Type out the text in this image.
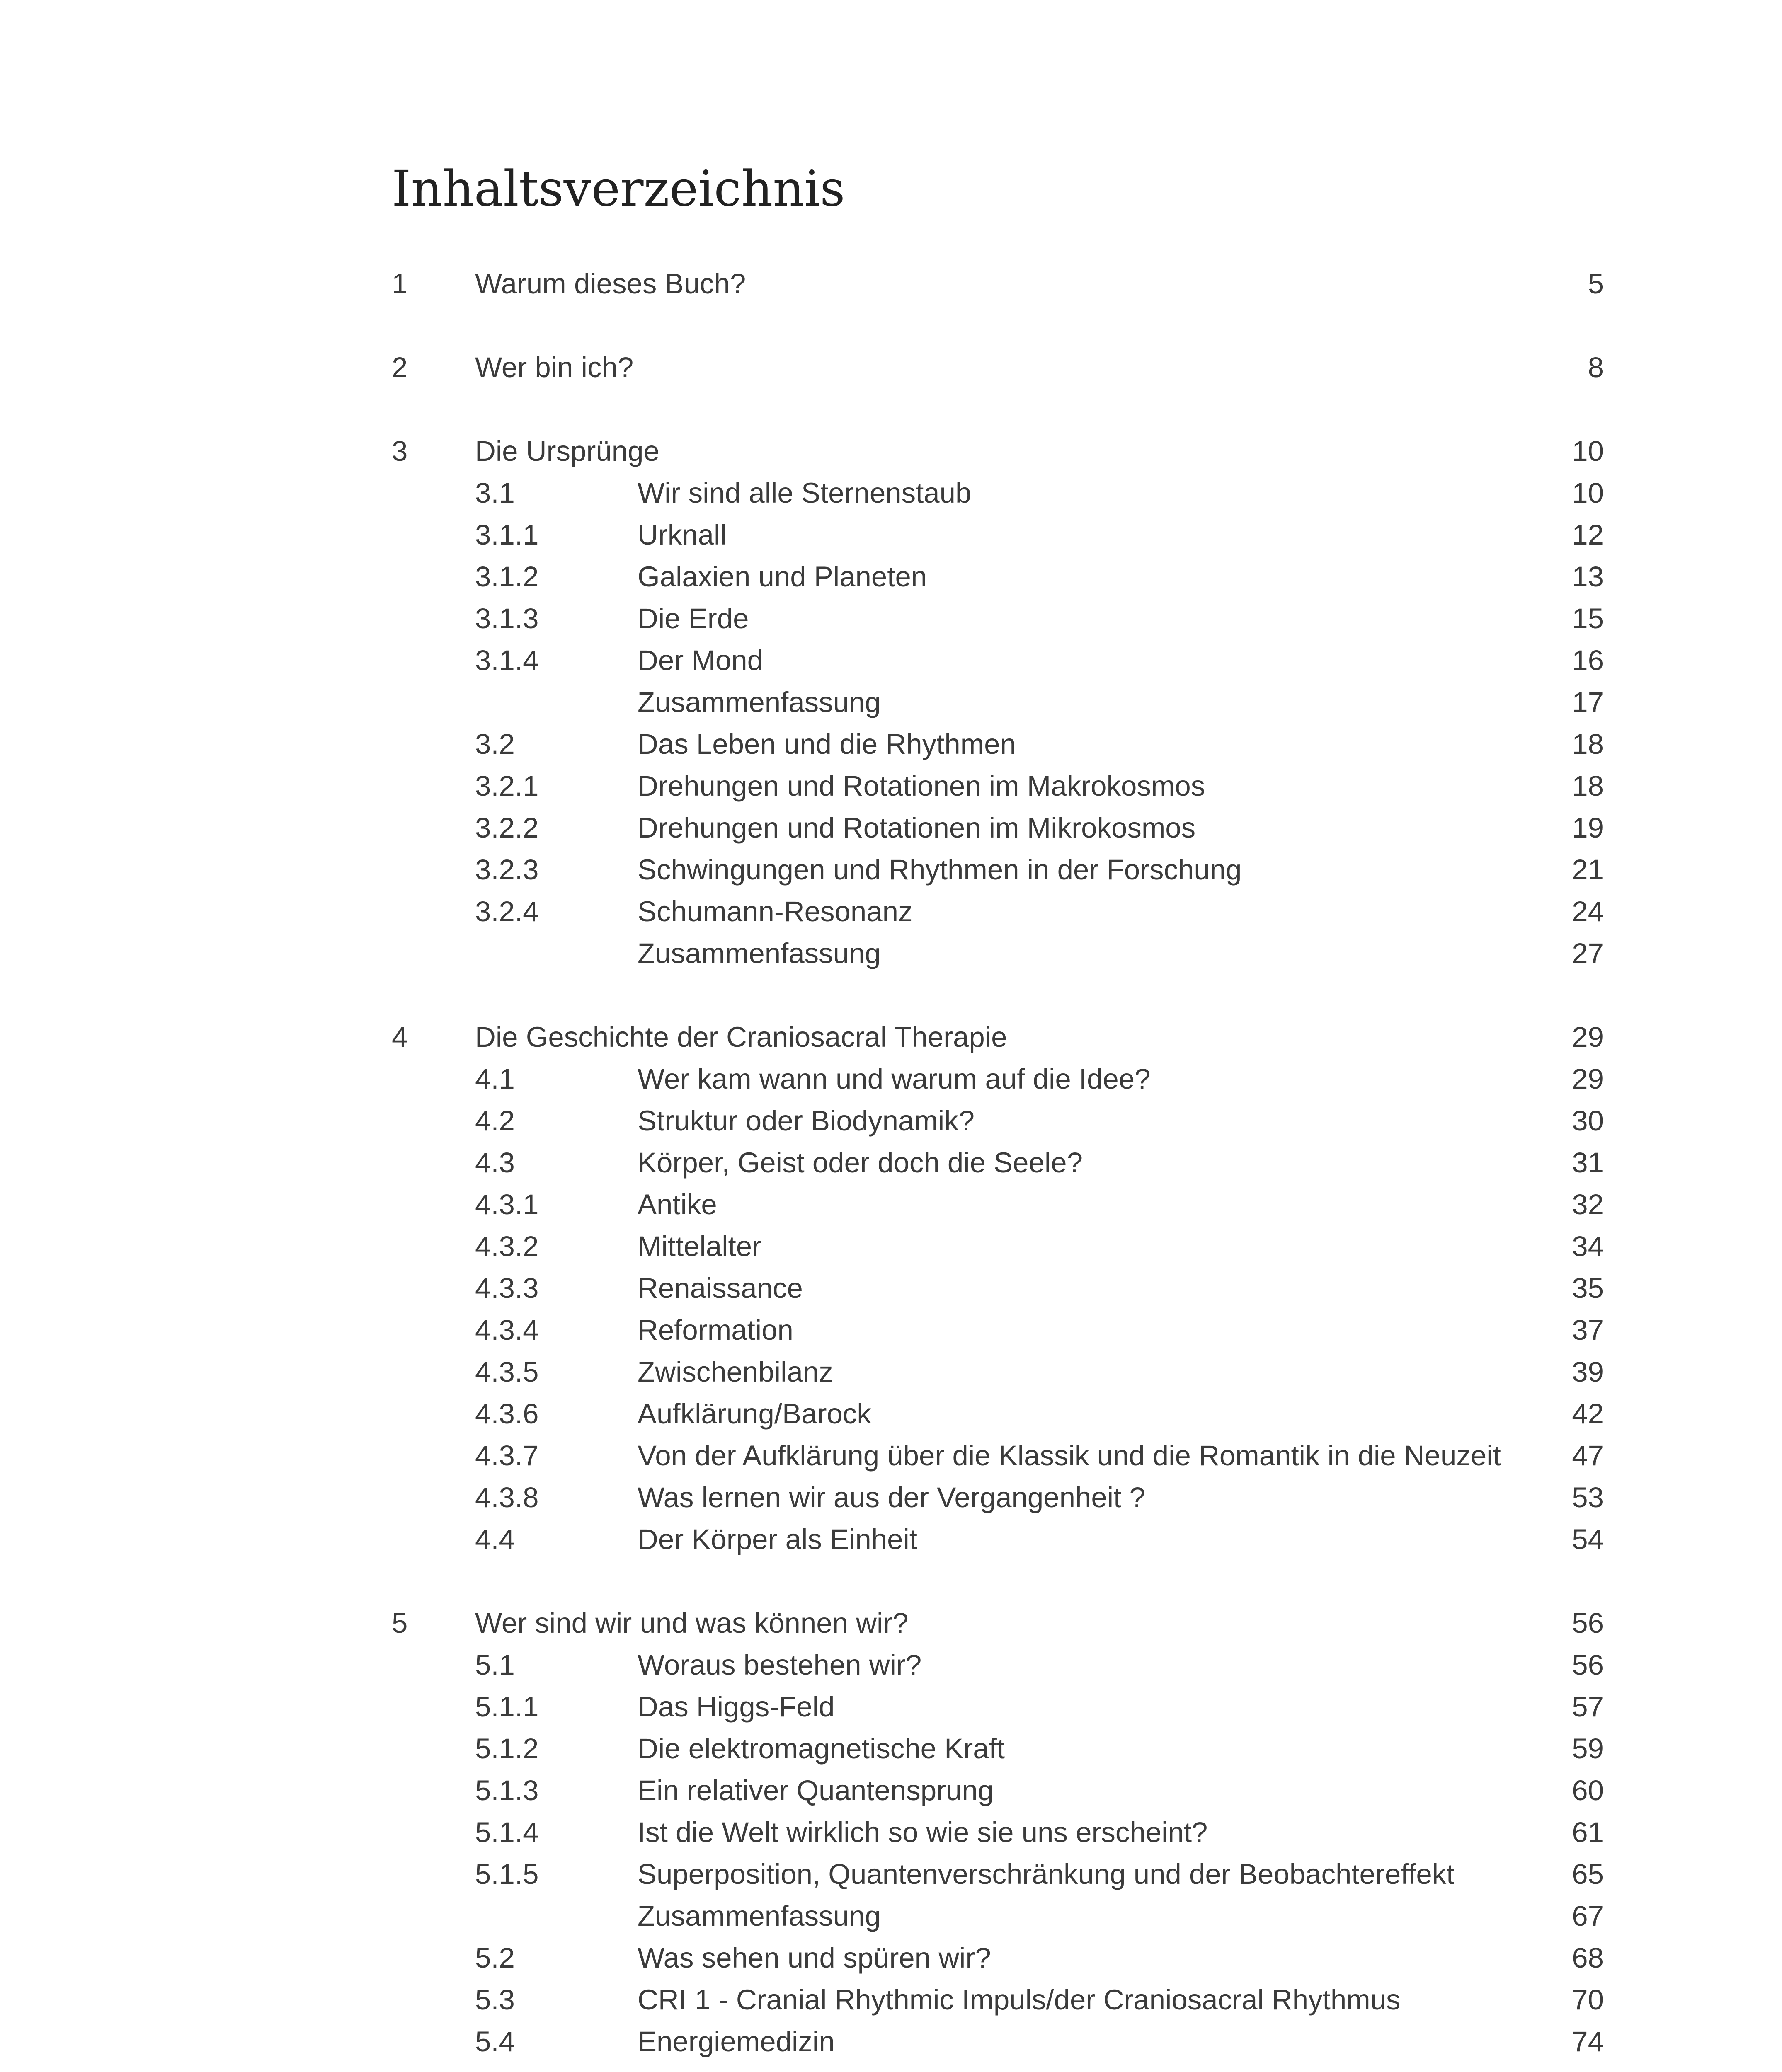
Inhaltsverzeichnis
1 Warum dieses Buch?	5
2 Wer bin ich?	8
3 Die Ursprünge	10
3.1	Wir sind alle Sternenstaub	10
3.1.1	Urknall	12
3.1.2	Galaxien und Planeten	13
3.1.3	Die Erde	15
3.1.4	Der Mond	16
Zusammenfassung	17
3.2	Das Leben und die Rhythmen	18
3.2.1	Drehungen und Rotationen im Makrokosmos	18
3.2.2	Drehungen und Rotationen im Mikrokosmos	19
3.2.3	Schwingungen und Rhythmen in der Forschung	21
3.2.4	Schumann-Resonanz	24
Zusammenfassung	27
4 Die Geschichte der Craniosacral Therapie	29
4.1	Wer kam wann und warum auf die Idee?	29
4.2	Struktur oder Biodynamik?	30
4.3	Körper, Geist oder doch die Seele?	31
4.3.1	Antike	32
4.3.2	Mittelalter	34
4.3.3	Renaissance	35
4.3.4	Reformation	37
4.3.5	Zwischenbilanz	39
4.3.6	Aufklärung/Barock	42
4.3.7	Von der Aufklärung über die Klassik und die Romantik in die Neuzeit 47
4.3.8	Was lernen wir aus der Vergangenheit ?	53
4.4	Der Körper als Einheit	54
5 Wer sind wir und was können wir?	56
5.1	Woraus bestehen wir?	56
5.1.1	Das Higgs-Feld	57
5.1.2	Die elektromagnetische Kraft	59
5.1.3	Ein relativer Quantensprung	60
5.1.4	Ist die Welt wirklich so wie sie uns erscheint?	61
5.1.5	Superposition, Quantenverschränkung und der Beobachtereffekt	65
Zusammenfassung	67
5.2	Was sehen und spüren wir?	68
5.3	CRI 1 - Cranial Rhythmic Impuls/der Craniosacral Rhythmus	70
5.4	Energiemedizin	74
